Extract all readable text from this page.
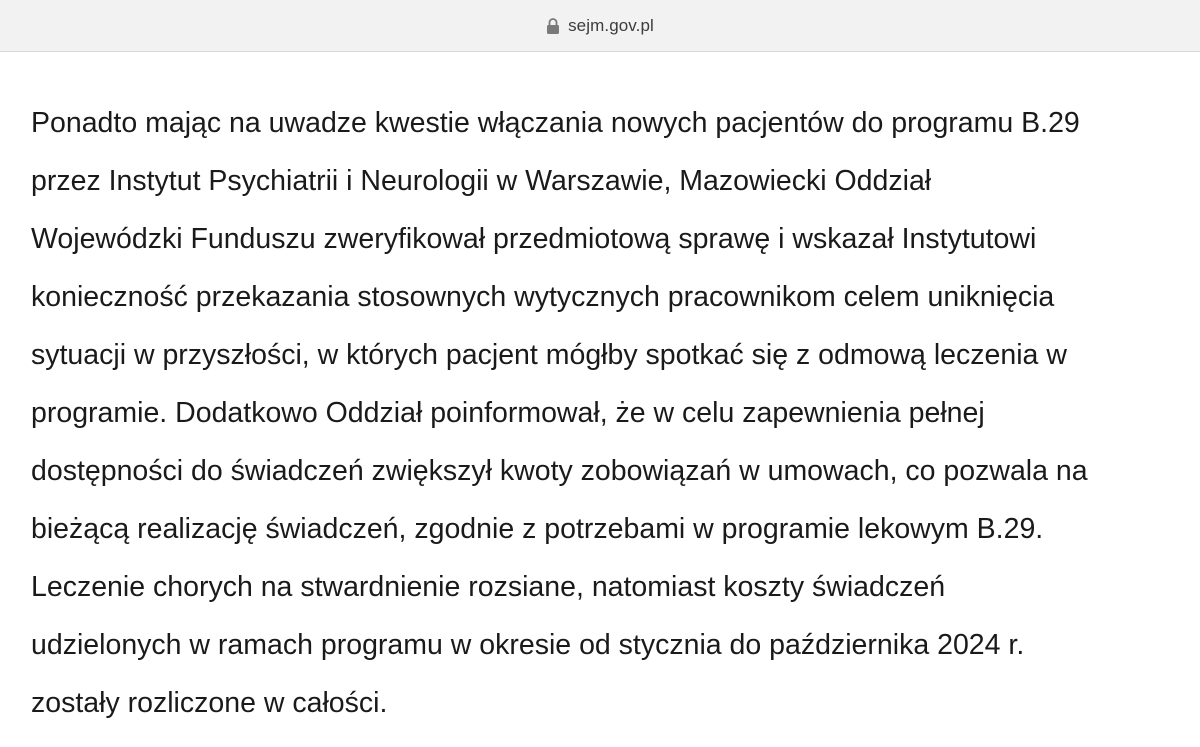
sejm.gov.pl
Ponadto mając na uwadze kwestie włączania nowych pacjentów do programu B.29
przez Instytut Psychiatrii i Neurologii w Warszawie, Mazowiecki Oddział
Wojewódzki Funduszu zweryfikował przedmiotową sprawę i wskazał Instytutowi
konieczność przekazania stosownych wytycznych pracownikom celem uniknięcia
sytuacji w przyszłości, w których pacjent mógłby spotkać się z odmową leczenia w
programie. Dodatkowo Oddział poinformował, że w celu zapewnienia pełnej
dostępności do świadczeń zwiększył kwoty zobowiązań w umowach, co pozwala na
bieżącą realizację świadczeń, zgodnie z potrzebami w programie lekowym B.29.
Leczenie chorych na stwardnienie rozsiane, natomiast koszty świadczeń
udzielonych w ramach programu w okresie od stycznia do października 2024 r.
zostały rozliczone w całości.
